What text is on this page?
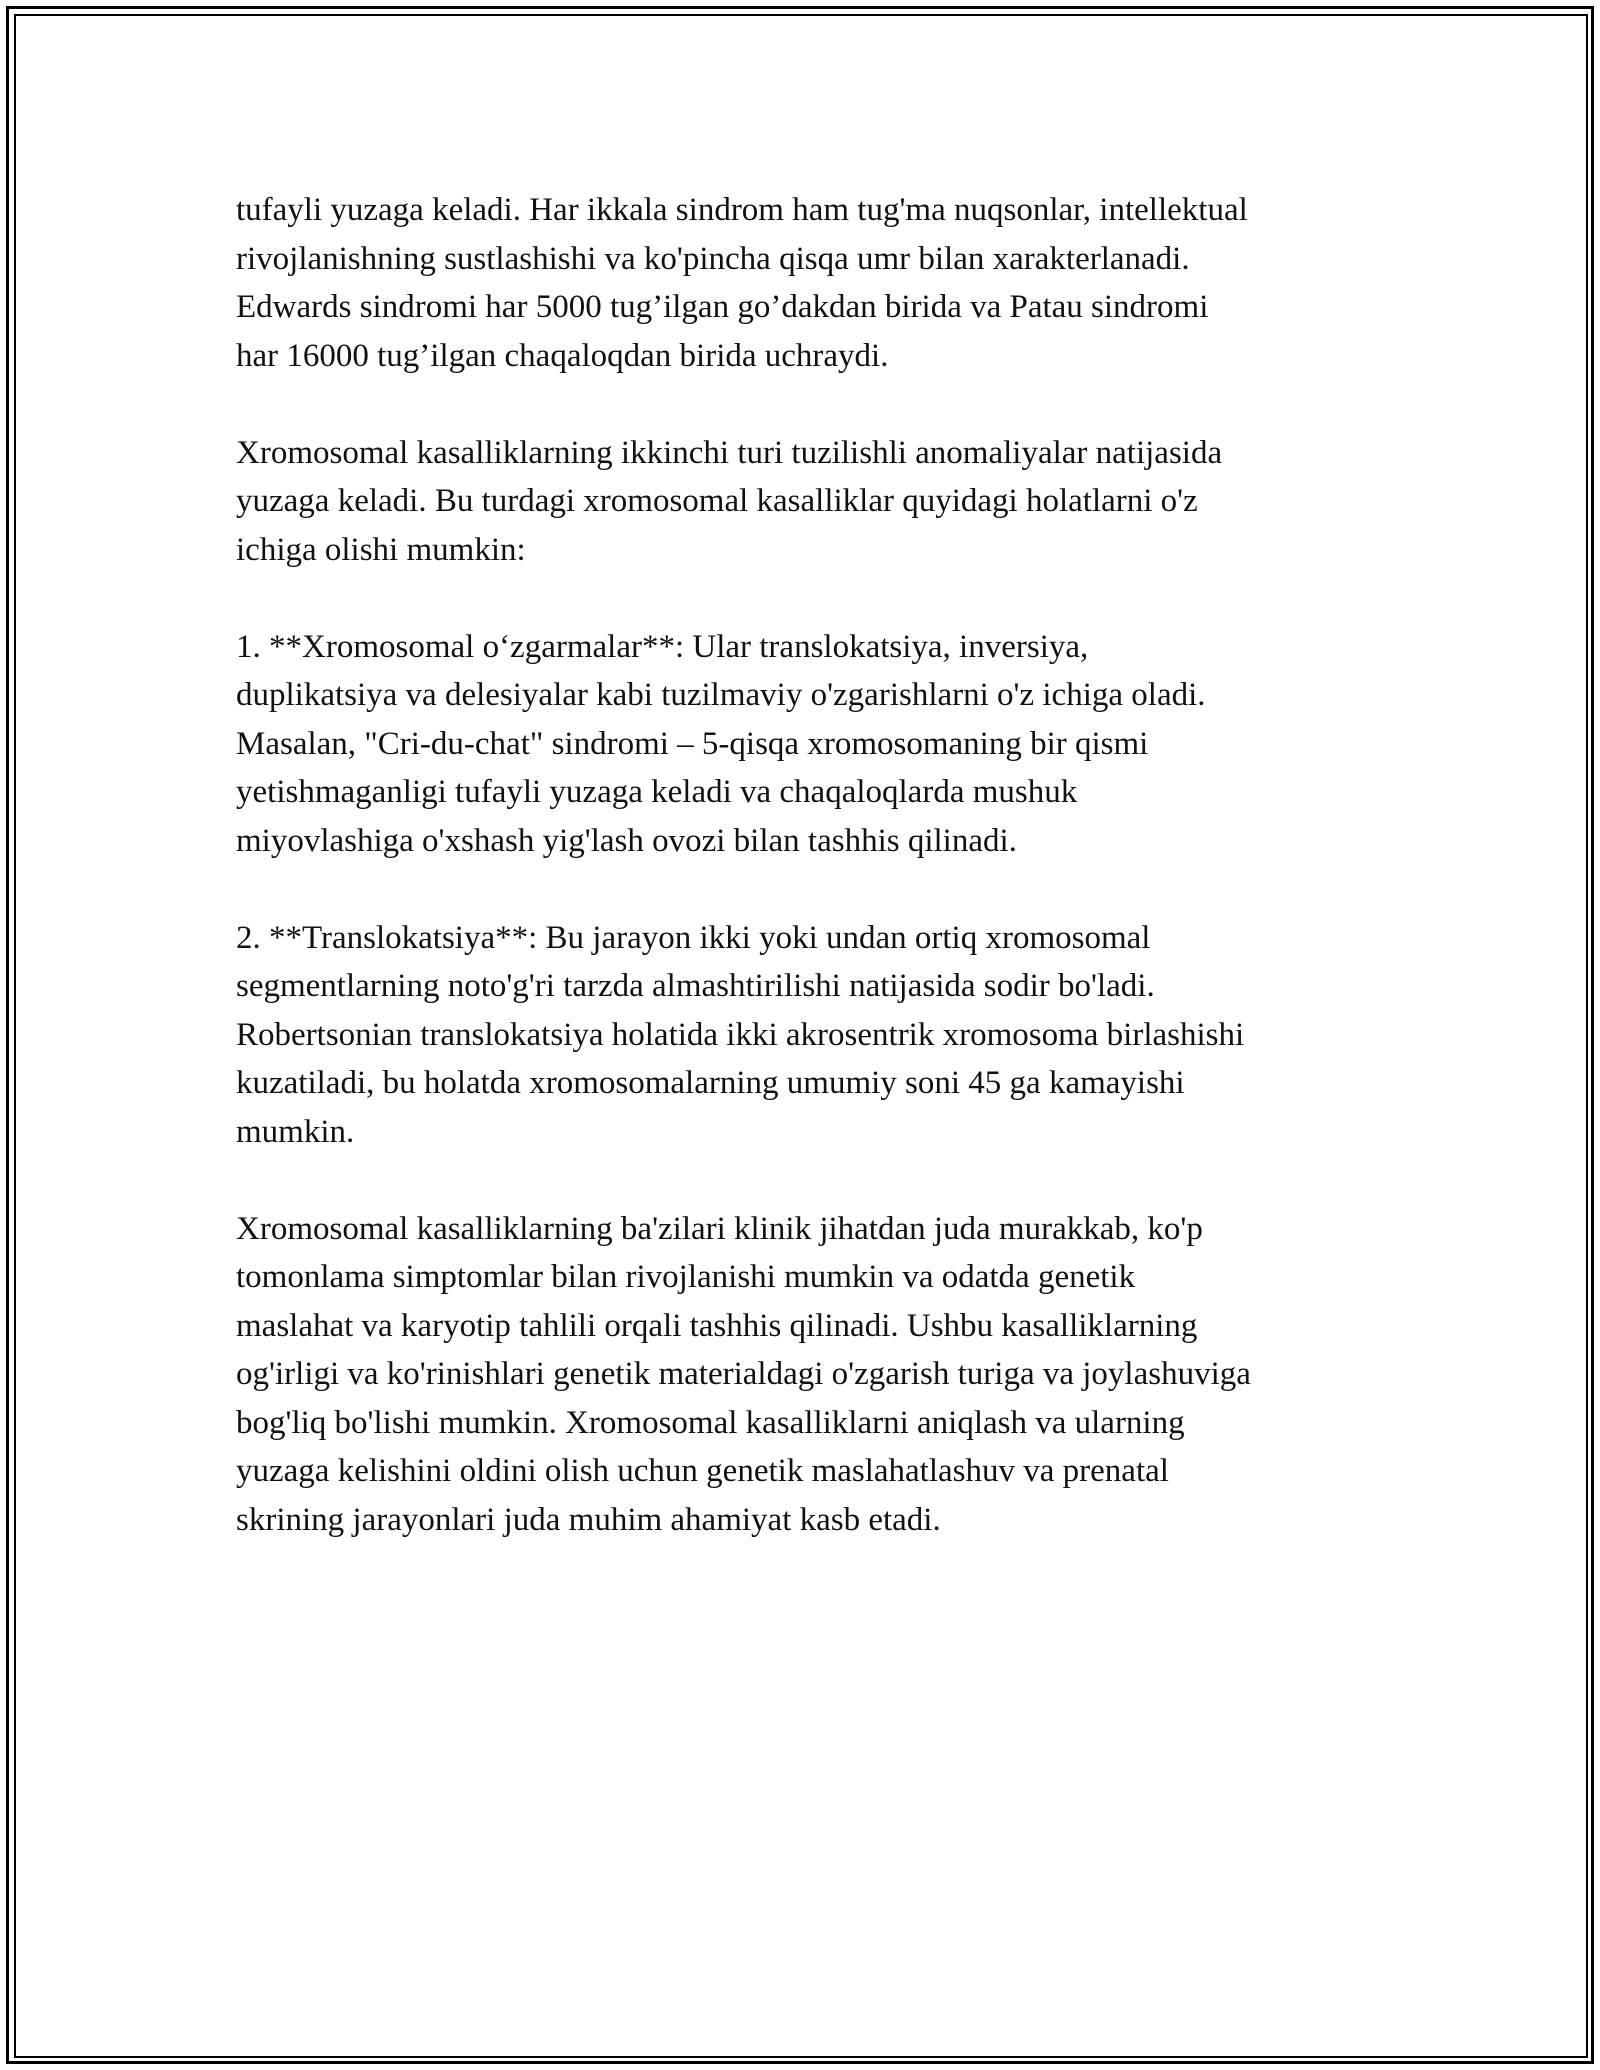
tufayli yuzaga keladi. Har ikkala sindrom ham tug'ma nuqsonlar, intellektual
rivojlanishning sustlashishi va ko'pincha qisqa umr bilan xarakterlanadi.
Edwards sindromi har 5000 tug’ilgan go’dakdan birida va Patau sindromi
har 16000 tug’ilgan chaqaloqdan birida uchraydi.

Xromosomal kasalliklarning ikkinchi turi tuzilishli anomaliyalar natijasida
yuzaga keladi. Bu turdagi xromosomal kasalliklar quyidagi holatlarni o'z
ichiga olishi mumkin:

1. **Xromosomal o‘zgarmalar**: Ular translokatsiya, inversiya,
duplikatsiya va delesiyalar kabi tuzilmaviy o'zgarishlarni o'z ichiga oladi.
Masalan, "Cri-du-chat" sindromi – 5-qisqa xromosomaning bir qismi
yetishmaganligi tufayli yuzaga keladi va chaqaloqlarda mushuk
miyovlashiga o'xshash yig'lash ovozi bilan tashhis qilinadi.

2. **Translokatsiya**: Bu jarayon ikki yoki undan ortiq xromosomal
segmentlarning noto'g'ri tarzda almashtirilishi natijasida sodir bo'ladi.
Robertsonian translokatsiya holatida ikki akrosentrik xromosoma birlashishi
kuzatiladi, bu holatda xromosomalarning umumiy soni 45 ga kamayishi
mumkin.

Xromosomal kasalliklarning ba'zilari klinik jihatdan juda murakkab, ko'p
tomonlama simptomlar bilan rivojlanishi mumkin va odatda genetik
maslahat va karyotip tahlili orqali tashhis qilinadi. Ushbu kasalliklarning
og'irligi va ko'rinishlari genetik materialdagi o'zgarish turiga va joylashuviga
bog'liq bo'lishi mumkin. Xromosomal kasalliklarni aniqlash va ularning
yuzaga kelishini oldini olish uchun genetik maslahatlashuv va prenatal
skrining jarayonlari juda muhim ahamiyat kasb etadi.
